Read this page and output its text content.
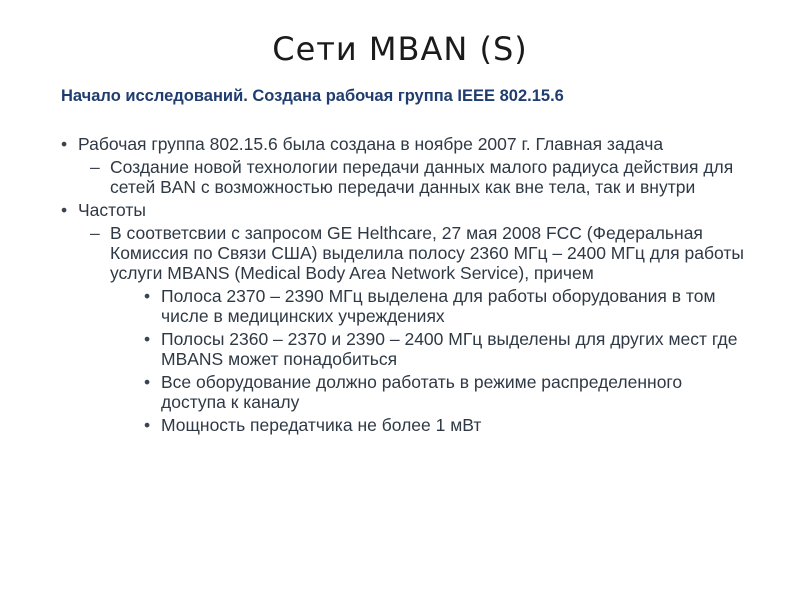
Сети MBAN (S)
Начало исследований. Создана рабочая группа IEEE 802.15.6
• Рабочая группа 802.15.6 была создана в ноябре 2007 г. Главная задача
– Создание новой технологии передачи данных малого радиуса действия для сетей BAN с возможностью передачи данных как вне тела, так и внутри
• Частоты
– В соответсвии с запросом GE Helthcare, 27 мая 2008 FCC (Федеральная Комиссия по Связи США) выделила полосу 2360 МГц – 2400 МГц для работы услуги MBANS (Medical Body Area Network Service), причем
• Полоса 2370 – 2390 МГц выделена для работы оборудования в том числе в медицинских учреждениях
• Полосы 2360 – 2370 и 2390 – 2400 МГц выделены для других мест где MBANS может понадобиться
• Все оборудование должно работать в режиме распределенного доступа к каналу
• Мощность передатчика не более 1 мВт
